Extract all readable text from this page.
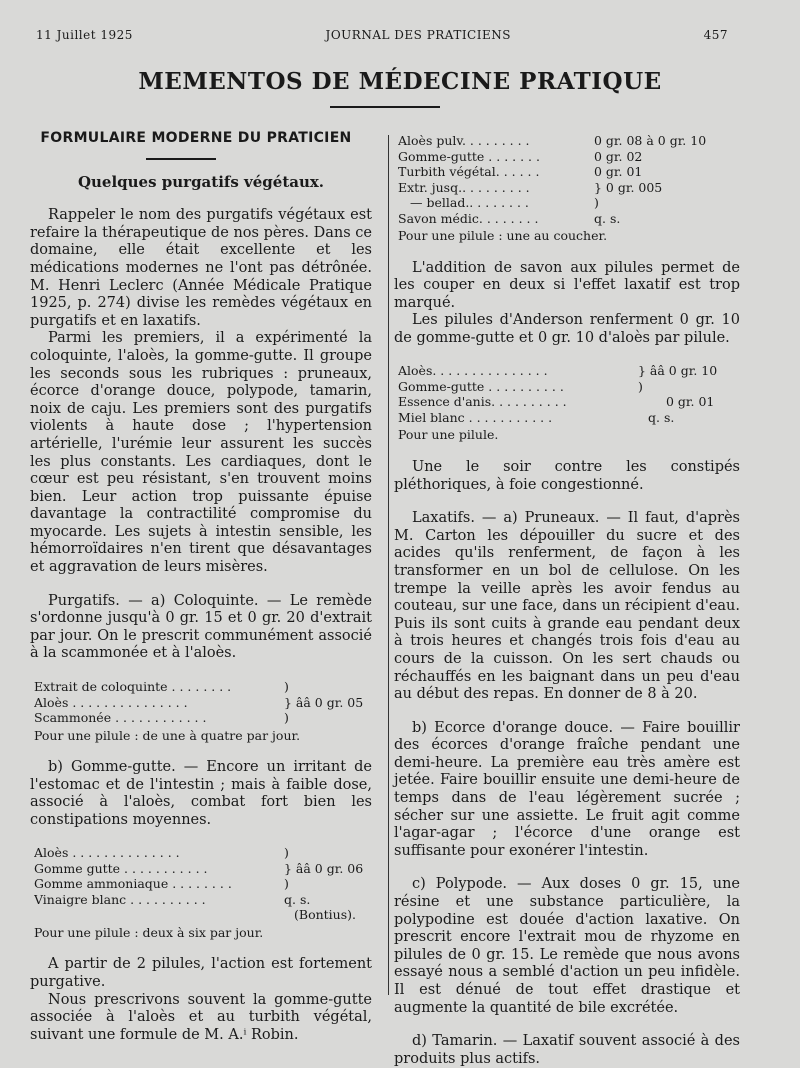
11 Juillet 1925	JOURNAL DES PRATICIENS	457
MEMENTOS DE MÉDECINE PRATIQUE
FORMULAIRE MODERNE DU PRATICIEN
Quelques purgatifs végétaux.

Rappeler le nom des purgatifs végétaux est refaire la thérapeutique de nos pères. Dans ce domaine, elle était excellente et les médications modernes ne l'ont pas détrônée. M. Henri Leclerc (Année Médicale Pratique 1925, p. 274) divise les remèdes végétaux en purgatifs et en laxatifs.

Parmi les premiers, il a expérimenté la coloquinte, l'aloès, la gomme-gutte. Il groupe les seconds sous les rubriques : pruneaux, écorce d'orange douce, polypode, tamarin, noix de caju. Les premiers sont des purgatifs violents à haute dose ; l'hypertension artérielle, l'urémie leur assurent les succès les plus constants. Les cardiaques, dont le cœur est peu résistant, s'en trouvent moins bien. Leur action trop puissante épuise davantage la contractilité compromise du myocarde. Les sujets à intestin sensible, les hémorroïdaires n'en tirent que désavantages et aggravation de leurs misères.

Purgatifs. — a) Coloquinte. — Le remède s'ordonne jusqu'à 0 gr. 15 et 0 gr. 20 d'extrait par jour. On le prescrit communément associé à la scammonée et à l'aloès.

Extrait de coloquinte . . . . . . . .	)
Aloès . . . . . . . . . . . . . . .	} ââ 0 gr. 05
Scammonée . . . . . . . . . . . .	)
Pour une pilule : de une à quatre par jour.

b) Gomme-gutte. — Encore un irritant de l'estomac et de l'intestin ; mais à faible dose, associé à l'aloès, combat fort bien les constipations moyennes.

Aloès . . . . . . . . . . . . . .	)
Gomme gutte . . . . . . . . . . .	} ââ 0 gr. 06
Gomme ammoniaque . . . . . . . .	)
Vinaigre blanc . . . . . . . . . .	q. s.
(Bontius).
Pour une pilule : deux à six par jour.

A partir de 2 pilules, l'action est fortement purgative.

Nous prescrivons souvent la gomme-gutte associée à l'aloès et au turbith végétal, suivant une formule de M. A.ⁱ Robin.

Aloès pulv. . . . . . . . .	0 gr. 08 à 0 gr. 10
Gomme-gutte . . . . . . .	0 gr. 02
Turbith végétal. . . . . .	0 gr. 01
Extr. jusq.. . . . . . . . .	} 0 gr. 005
— bellad.. . . . . . . .	)
Savon médic. . . . . . . .	q. s.
Pour une pilule : une au coucher.

L'addition de savon aux pilules permet de les couper en deux si l'effet laxatif est trop marqué.

Les pilules d'Anderson renferment 0 gr. 10 de gomme-gutte et 0 gr. 10 d'aloès par pilule.

Aloès. . . . . . . . . . . . . . .	} ââ 0 gr. 10
Gomme-gutte . . . . . . . . . .	)
Essence d'anis. . . . . . . . . .	0 gr. 01
Miel blanc . . . . . . . . . . .	q. s.
Pour une pilule.

Une le soir contre les constipés pléthoriques, à foie congestionné.

Laxatifs. — a) Pruneaux. — Il faut, d'après M. Carton les dépouiller du sucre et des acides qu'ils renferment, de façon à les transformer en un bol de cellulose. On les trempe la veille après les avoir fendus au couteau, sur une face, dans un récipient d'eau. Puis ils sont cuits à grande eau pendant deux à trois heures et changés trois fois d'eau au cours de la cuisson. On les sert chauds ou réchauffés en les baignant dans un peu d'eau au début des repas. En donner de 8 à 20.

b) Ecorce d'orange douce. — Faire bouillir des écorces d'orange fraîche pendant une demi-heure. La première eau très amère est jetée. Faire bouillir ensuite une demi-heure de temps dans de l'eau légèrement sucrée ; sécher sur une assiette. Le fruit agit comme l'agar-agar ; l'écorce d'une orange est suffisante pour exonérer l'intestin.

c) Polypode. — Aux doses 0 gr. 15, une résine et une substance particulière, la polypodine est douée d'action laxative. On prescrit encore l'extrait mou de rhyzome en pilules de 0 gr. 15. Le remède que nous avons essayé nous a semblé d'action un peu infidèle. Il est dénué de tout effet drastique et augmente la quantité de bile excrétée.

d) Tamarin. — Laxatif souvent associé à des produits plus actifs.
